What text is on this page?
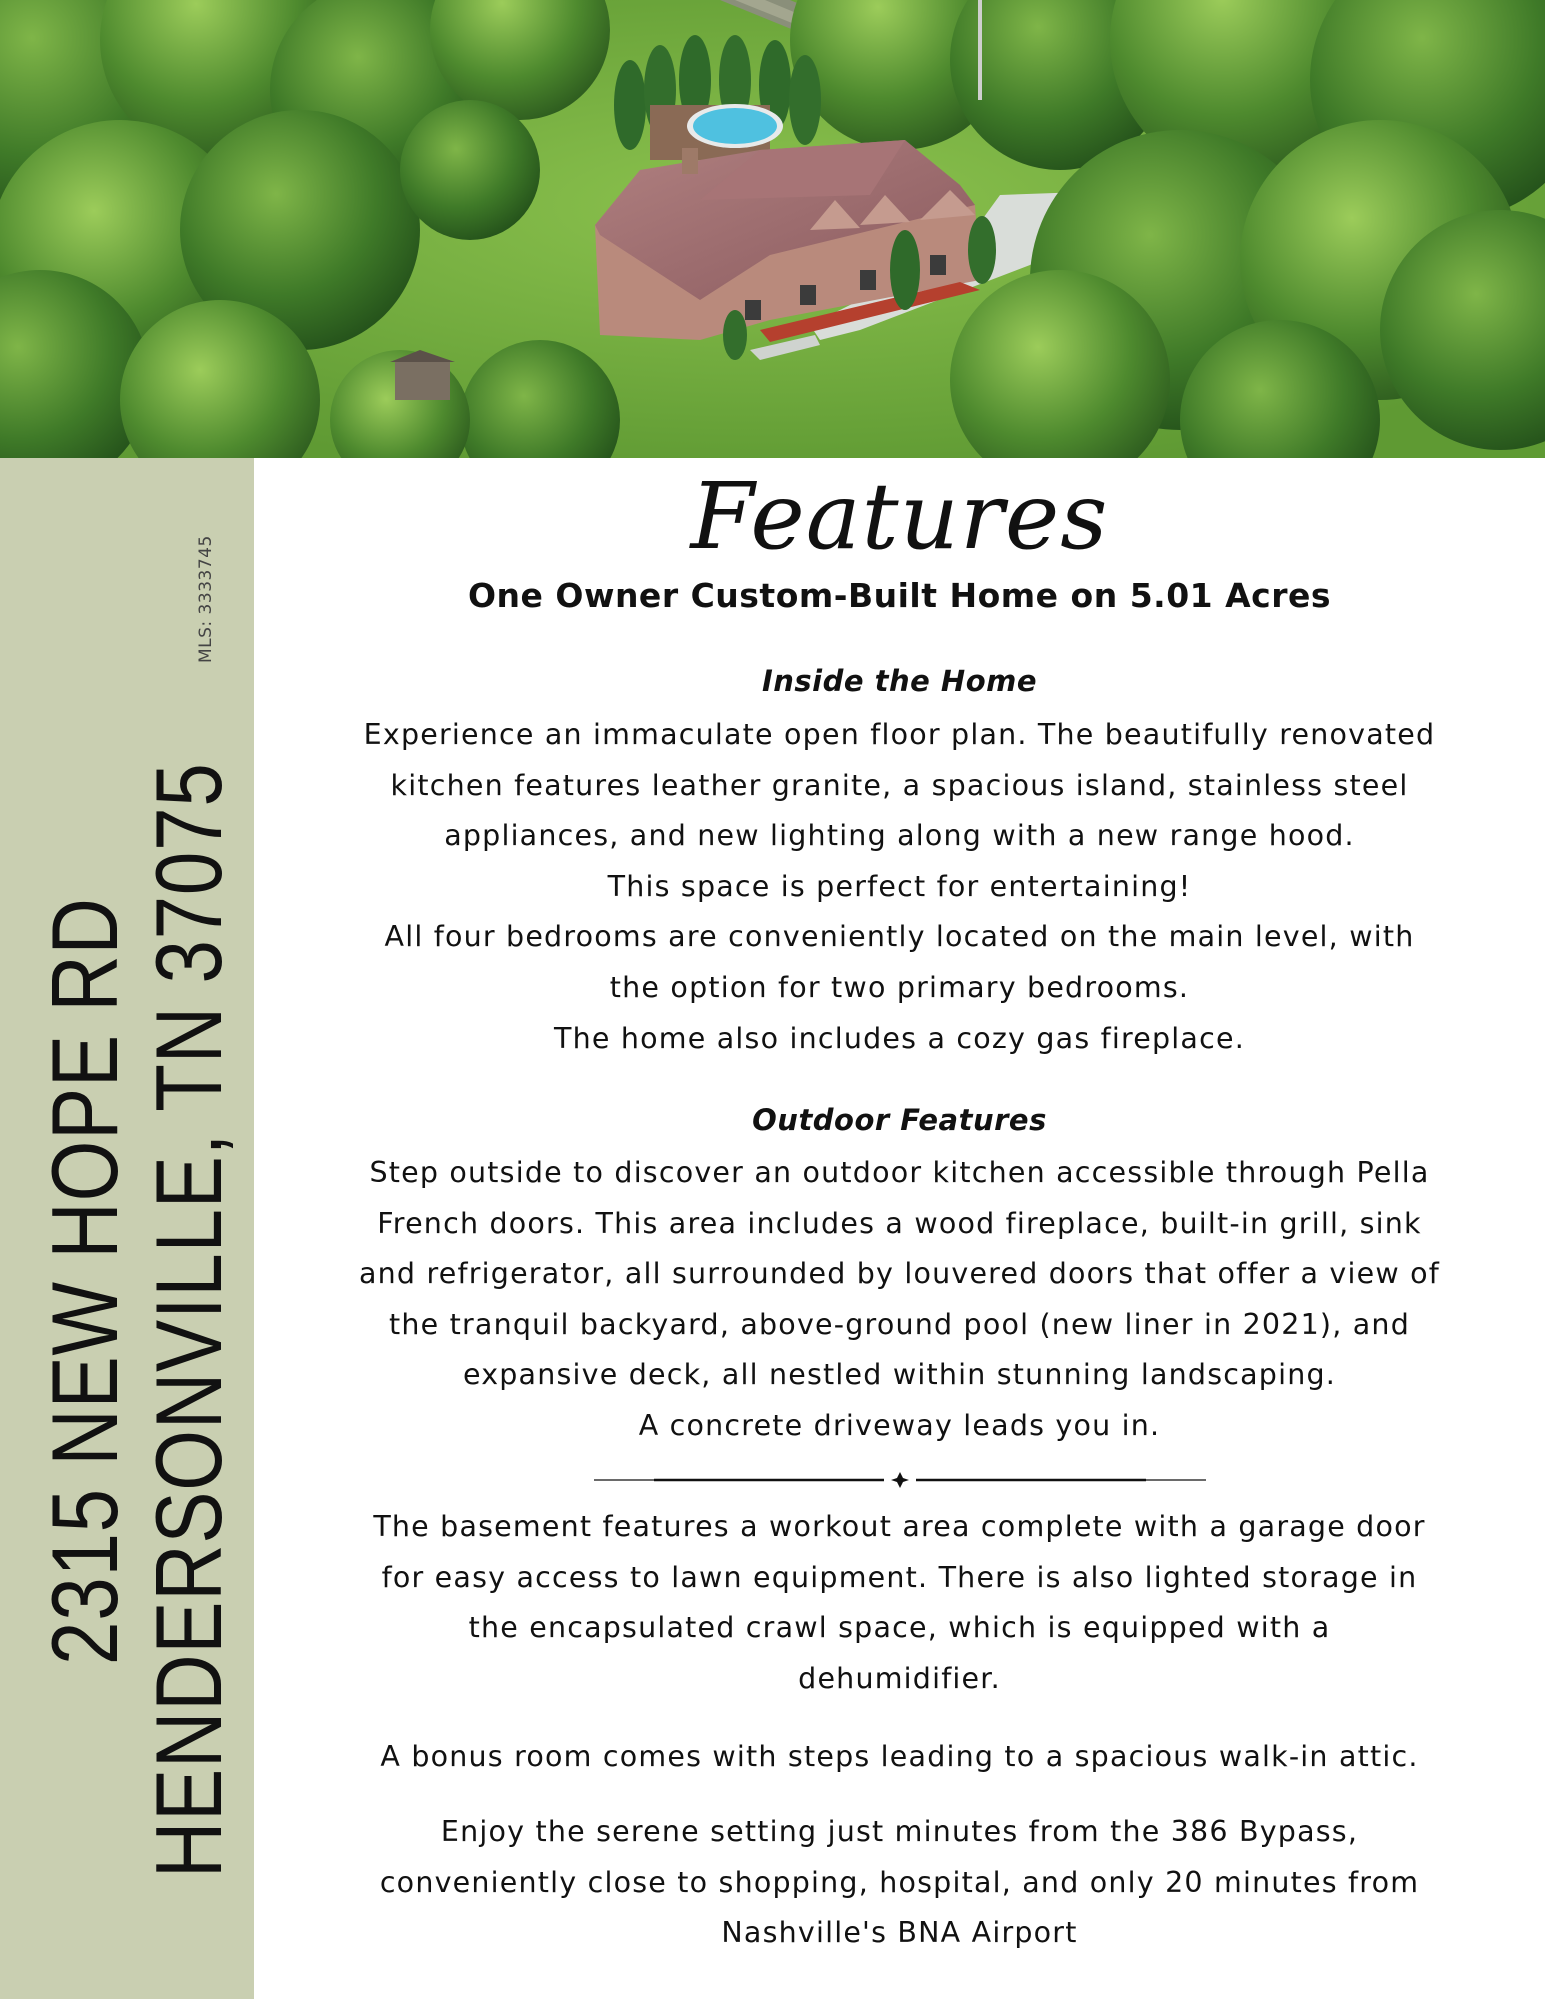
2315 NEW HOPE RD HENDERSONVILLE, TN 37075
MLS: 3333745
Features
One Owner Custom-Built Home on 5.01 Acres
Inside the Home
Experience an immaculate open floor plan. The beautifully renovated
kitchen features leather granite, a spacious island, stainless steel
appliances, and new lighting along with a new range hood.
This space is perfect for entertaining!
All four bedrooms are conveniently located on the main level, with
the option for two primary bedrooms.
The home also includes a cozy gas fireplace.
Outdoor Features
Step outside to discover an outdoor kitchen accessible through Pella
French doors. This area includes a wood fireplace, built-in grill, sink
and refrigerator, all surrounded by louvered doors that offer a view of
the tranquil backyard, above-ground pool (new liner in 2021), and
expansive deck, all nestled within stunning landscaping.
A concrete driveway leads you in.
The basement features a workout area complete with a garage door
for easy access to lawn equipment. There is also lighted storage in
the encapsulated crawl space, which is equipped with a
dehumidifier.
A bonus room comes with steps leading to a spacious walk-in attic.
Enjoy the serene setting just minutes from the 386 Bypass,
conveniently close to shopping, hospital, and only 20 minutes from
Nashville's BNA Airport
